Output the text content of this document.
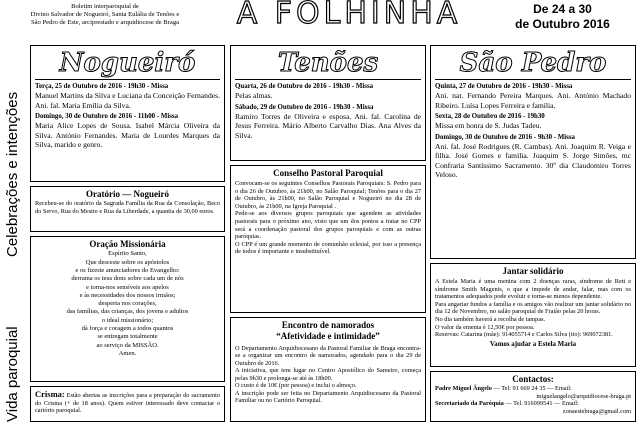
Boletim interparoquial de
Divino Salvador de Nogueiró, Santa Eulália de Tenões e
São Pedro de Este, arciprestado e arquidiocese de Braga	A FOLHINHA	De 24 a 30
de Outubro 2016
Celebrações e intenções
Vida paroquial
Nogueiró
Terça, 25 de Outubro de 2016 - 19h30 - Missa
Manuel Martins da Silva e Luciana da Conceição Fernandes. Ani. fal. Maria Emília da Silva.
Domingo, 30 de Outubro de 2016 - 11h00 - Missa
Maria Alice Lopes de Sousa. Isabel Márcia Oliveira da Silva. António Fernandes. Maria de Lourdes Marques da Silva, marido e genro.
Oratório — Nogueiró
Recebeu-se do oratório da Sagrada Família da Rua da Consolação, Beco do Servo, Rua do Mestre e Rua da Liberdade, a quantia de 30,00 euros.
Oração Missionária
Espírito Santo,
Que desceste sobre os apóstolos
e os fizeste anunciadores do Evangelho:
derrama os teus dons sobre cada um de nós
e torna-nos sensíveis aos apelos
e às necessidades dos nossos irmãos;
desperta nos corações,
das famílias, das crianças, dos jovens e adultos
o ideal missionário;
dá força e coragem a todos quantos
se entregam totalmente
ao serviço da MISSÃO.
Amen.
Crisma: Estão abertas as inscrições para a preparação do sacramento do Crisma (+ de 18 anos). Quem estiver interessado deve contactar o cartório paroquial.
Tenões
Quarta, 26 de Outubro de 2016 - 19h30 - Missa
Pelas almas.
Sábado, 29 de Outubro de 2016 - 19h30 - Missa
Ramiro Torres de Oliveira e esposa. Ani. fal. Carolina de Jesus Ferreira. Mário Alberto Carvalho Dias. Ana Alves da Silva.
Conselho Pastoral Paroquial
Convocam-se os seguintes Conselhos Pastorais Paroquiais: S. Pedro para o dia 26 de Outubro, às 21h00, no Salão Paroquial; Tenões para o dia 27 de Outubro, às 21h00, no Salão Paroquial e Nogueiró no dia 28 de Outubro, às 21h00, na Igreja Paroquial .
Pede-se aos diversos grupos paroquiais que agendem as atividades pastorais para o próximo ano, visto que um dos pontos a tratar no CPP será a coordenação pastoral dos grupos paroquiais e com as outras paróquias.
O CPP é um grande momento de comunhão eclesial, por isso a presença de todos é importante e insubstituível.
Encontro de namorados
“Afetividade e intimidade”
O Departamento Arquidiocesano da Pastoral Familiar de Braga encontra-se a organizar um encontro de namorados, agendado para o dia 29 de Outubro de 2016.
A iniciativa, que tem lugar no Centro Apostólico do Sameiro, começa pelas 9h30 e prolonga-se até às 18h00.
O custo é de 10€ (por pessoa) e inclui o almoço.
A inscrição pode ser feita no Departamento Arquidiocesano da Pastoral Familiar ou no Cartório Paroquial.
São Pedro
Quinta, 27 de Outubro de 2016 - 19h30 - Missa
Ani. nat. Fernando Pereira Marques. Ani. António Machado Ribeiro. Luísa Lopes Ferreira e família.
Sexta, 28 de Outubro de 2016 - 19h30
Missa em honra de S. Judas Tadeu.
Domingo, 30 de Outubro de 2016 - 9h30 - Missa
Ani. fal. José Rodrigues (R. Cambas). Ani. Joaquim R. Veiga e filha. José Gomes e família. Joaquim S. Jorge Simões, mc Confraria Santíssimo Sacramento. 30º dia Claudomiro Torres Veloso.
Jantar solidário
A Estela Maria é uma menina com 2 doenças raras, síndrome de Rett e síndrome Smith Magenis, o que a impede de andar, falar, mas com os tratamentos adequados pode evoluir e torna-se menos dependente.
Para angariar fundos a família e os amigos vão realizar um jantar solidário no dia 12 de Novembro, no salão paroquial de Fraião pelas 20 horas.
No dia também haverá a recolha de tampas.
O valor da ementa é 12,50€ por pessoa.
Reservas: Catarina (mãe): 914055714 e Carlos Silva (tio): 969072381.
Vamos ajudar a Estela Maria
Contactos:
Padre Miguel Ângelo — Tel: 91 669 24 35 — Email:
miguelangelo@arquidiocese-braga.pt
Secretariado da Paróquia — Tel. 916099541 — Email:
zonaestebraga@gmail.com
